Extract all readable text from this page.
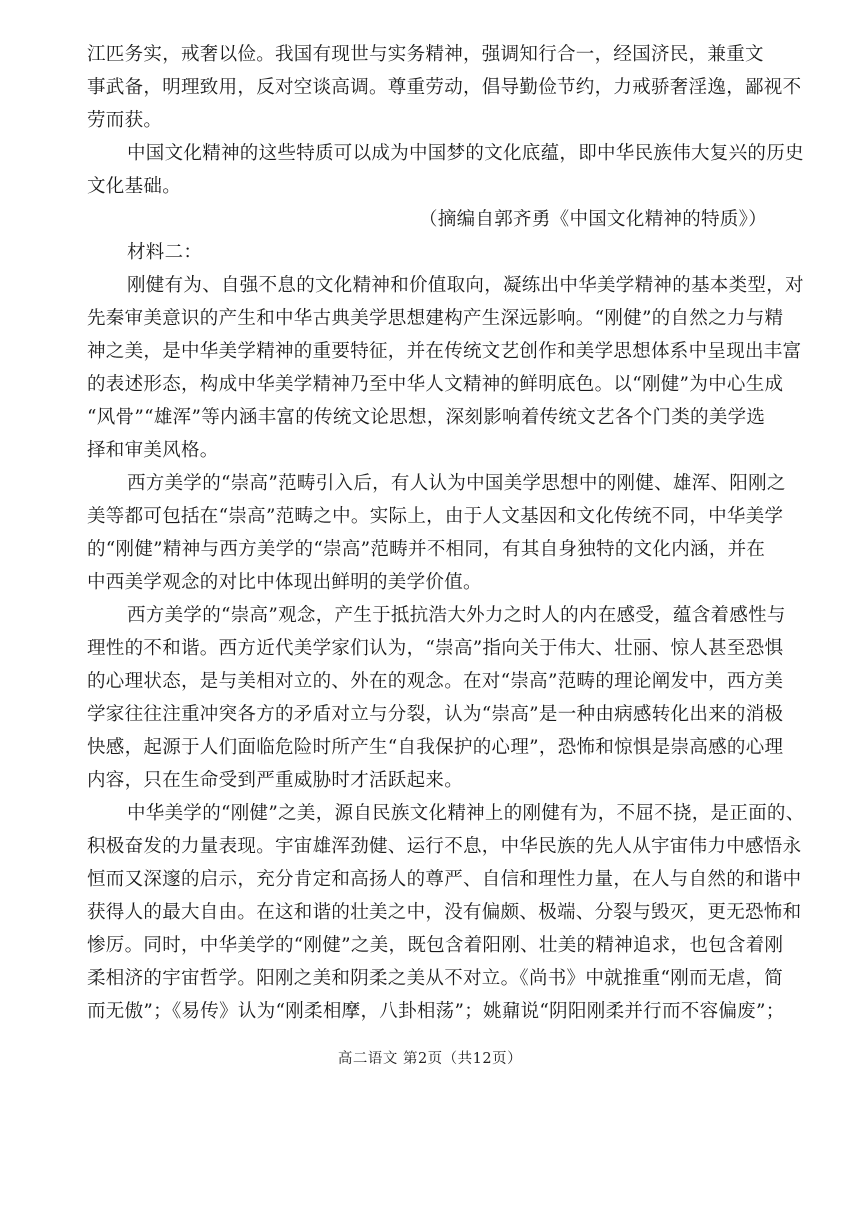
江匹务实，戒奢以俭。我国有现世与实务精神，强调知行合一，经国济民，兼重文
事武备，明理致用，反对空谈高调。尊重劳动，倡导勤俭节约，力戒骄奢淫逸，鄙视不
劳而获。
中国文化精神的这些特质可以成为中国梦的文化底蕴，即中华民族伟大复兴的历史
文化基础。
（摘编自郭齐勇《中国文化精神的特质》）
材料二：
刚健有为、自强不息的文化精神和价值取向，凝练出中华美学精神的基本类型，对
先秦审美意识的产生和中华古典美学思想建构产生深远影响。“刚健”的自然之力与精
神之美，是中华美学精神的重要特征，并在传统文艺创作和美学思想体系中呈现出丰富
的表述形态，构成中华美学精神乃至中华人文精神的鲜明底色。以“刚健”为中心生成
“风骨”“雄浑”等内涵丰富的传统文论思想，深刻影响着传统文艺各个门类的美学选
择和审美风格。
西方美学的“崇高”范畴引入后，有人认为中国美学思想中的刚健、雄浑、阳刚之
美等都可包括在“崇高”范畴之中。实际上，由于人文基因和文化传统不同，中华美学
的“刚健”精神与西方美学的“崇高”范畴并不相同，有其自身独特的文化内涵，并在
中西美学观念的对比中体现出鲜明的美学价值。
西方美学的“崇高”观念，产生于抵抗浩大外力之时人的内在感受，蕴含着感性与
理性的不和谐。西方近代美学家们认为，“崇高”指向关于伟大、壮丽、惊人甚至恐惧
的心理状态，是与美相对立的、外在的观念。在对“崇高”范畴的理论阐发中，西方美
学家往往注重冲突各方的矛盾对立与分裂，认为“崇高”是一种由病感转化出来的消极
快感，起源于人们面临危险时所产生“自我保护的心理”，恐怖和惊惧是崇高感的心理
内容，只在生命受到严重威胁时才活跃起来。
中华美学的“刚健”之美，源自民族文化精神上的刚健有为，不屈不挠，是正面的、
积极奋发的力量表现。宇宙雄浑劲健、运行不息，中华民族的先人从宇宙伟力中感悟永
恒而又深邃的启示，充分肯定和高扬人的尊严、自信和理性力量，在人与自然的和谐中
获得人的最大自由。在这和谐的壮美之中，没有偏颇、极端、分裂与毁灭，更无恐怖和
惨厉。同时，中华美学的“刚健”之美，既包含着阳刚、壮美的精神追求，也包含着刚
柔相济的宇宙哲学。阳刚之美和阴柔之美从不对立。《尚书》中就推重“刚而无虐，简
而无傲”；《易传》认为“刚柔相摩，八卦相荡”；姚鼐说“阴阳刚柔并行而不容偏废”；
高二语文 第2页（共12页）
